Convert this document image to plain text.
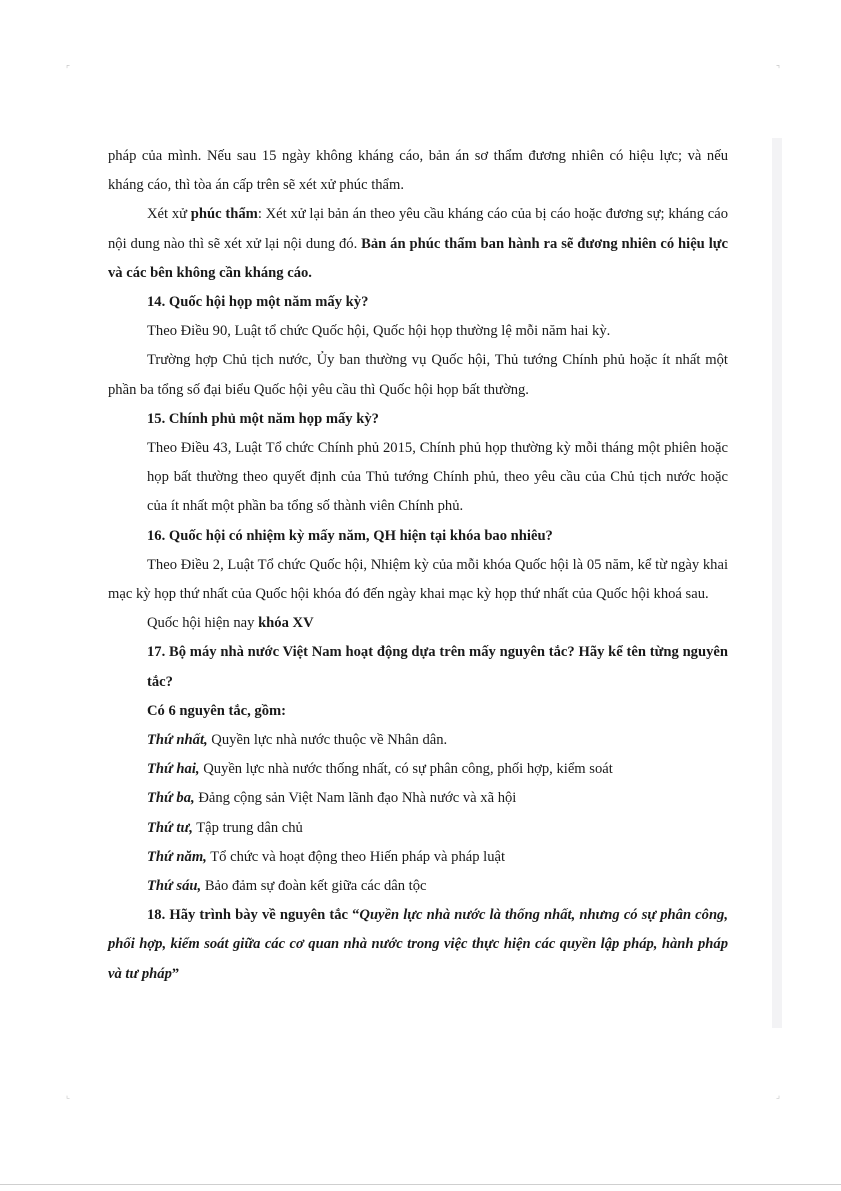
⌜	⌝
⌞	⌟

pháp của mình. Nếu sau 15 ngày không kháng cáo, bản án sơ thẩm đương nhiên có hiệu lực; và nếu kháng cáo, thì tòa án cấp trên sẽ xét xử phúc thẩm.

Xét xử phúc thẩm: Xét xử lại bản án theo yêu cầu kháng cáo của bị cáo hoặc đương sự; kháng cáo nội dung nào thì sẽ xét xử lại nội dung đó. Bản án phúc thẩm ban hành ra sẽ đương nhiên có hiệu lực và các bên không cần kháng cáo.

14. Quốc hội họp một năm mấy kỳ?

Theo Điều 90, Luật tổ chức Quốc hội, Quốc hội họp thường lệ mỗi năm hai kỳ.

Trường hợp Chủ tịch nước, Ủy ban thường vụ Quốc hội, Thủ tướng Chính phủ hoặc ít nhất một phần ba tổng số đại biểu Quốc hội yêu cầu thì Quốc hội họp bất thường.

15. Chính phủ một năm họp mấy kỳ?

Theo Điều 43, Luật Tổ chức Chính phủ 2015, Chính phủ họp thường kỳ mỗi tháng một phiên hoặc họp bất thường theo quyết định của Thủ tướng Chính phủ, theo yêu cầu của Chủ tịch nước hoặc của ít nhất một phần ba tổng số thành viên Chính phủ.

16. Quốc hội có nhiệm kỳ mấy năm, QH hiện tại khóa bao nhiêu?

Theo Điều 2, Luật Tổ chức Quốc hội, Nhiệm kỳ của mỗi khóa Quốc hội là 05 năm, kể từ ngày khai mạc kỳ họp thứ nhất của Quốc hội khóa đó đến ngày khai mạc kỳ họp thứ nhất của Quốc hội khoá sau.

Quốc hội hiện nay khóa XV

17. Bộ máy nhà nước Việt Nam hoạt động dựa trên mấy nguyên tắc? Hãy kể tên từng nguyên tắc?

Có 6 nguyên tắc, gồm:

Thứ nhất, Quyền lực nhà nước thuộc về Nhân dân.

Thứ hai, Quyền lực nhà nước thống nhất, có sự phân công, phối hợp, kiểm soát

Thứ ba, Đảng cộng sản Việt Nam lãnh đạo Nhà nước và xã hội

Thứ tư, Tập trung dân chủ

Thứ năm, Tổ chức và hoạt động theo Hiến pháp và pháp luật

Thứ sáu, Bảo đảm sự đoàn kết giữa các dân tộc

18. Hãy trình bày về nguyên tắc “Quyền lực nhà nước là thống nhất, nhưng có sự phân công, phối hợp, kiểm soát giữa các cơ quan nhà nước trong việc thực hiện các quyền lập pháp, hành pháp và tư pháp”
